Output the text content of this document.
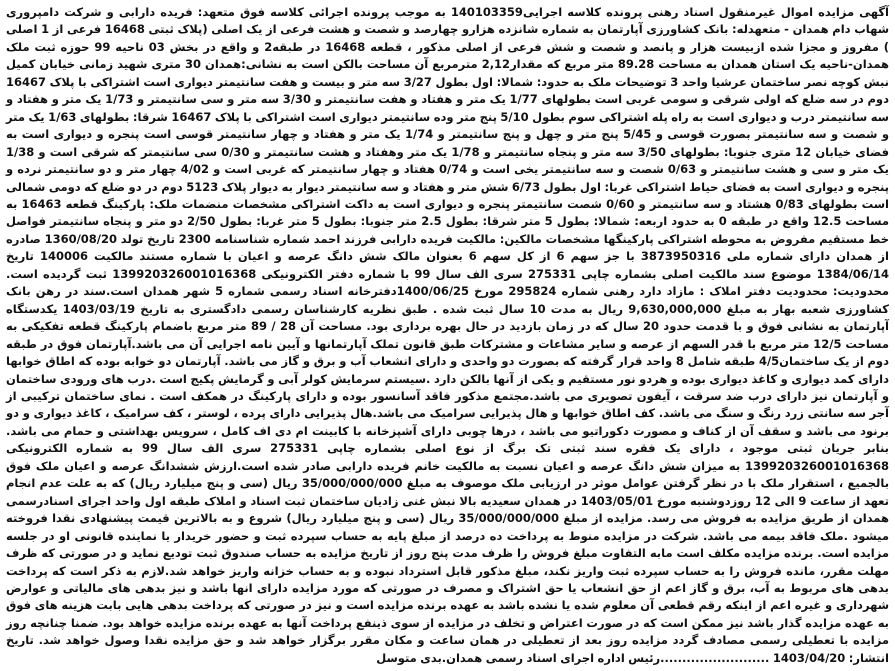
آگهی مزایده اموال غیرمنقول اسناد رهنی پرونده کلاسه اجرایی140103359 به موجب پرونده اجرائی کلاسه فوق متعهد: فریده دارابی و شرکت دامپروری شهاب دام همدان - متعهدله: بانک کشاورزی آپارتمان به شماره شانزده هزارو چهارصد و شصت و هشت فرعی از یک اصلی (پلاک ثبتی 16468 فرعی از 1 اصلی ) مفروز و مجزا شده ازبیست هزار و پانصد و شصت و شش فرعی از اصلی مذکور ، قطعه 16468 در طبقه2 و واقع در بخش 03 ناحیه 99 حوزه ثبت ملک همدان-ناحیه یک استان همدان به مساحت 89.28 متر مربع که مقدار2,12 مترمربع آن مساحت بالکن است به نشانی:همدان 30 متری شهید زمانی خیابان کمیل نبش کوچه نصر ساختمان عرشیا واحد 3 توضیحات ملک به حدود: شمالا: اول بطول 3/27 سه متر و بیست و هفت سانتیمتر دیواری است اشتراکی با پلاک 16467 دوم در سه ضلع که اولی شرقی و سومی غربی است بطولهای 1/77 یک متر و هفتاد و هفت سانتیمتر و 3/30 سه متر و سی سانتیمتر و 1/73 یک متر و هفتاد و سه سانتیمتر درب و دیواری است به راه پله اشتراکی سوم بطول 5/10 پنج متر وده سانتیمتر دیواری است اشتراکی با پلاک 16467 شرقا: بطولهای 1/63 یک متر و شصت و سه سانتیمتر بصورت قوسی و 5/45 پنج متر و چهل و پنج سانتیمتر و 1/74 یک متر و هفتاد و چهار سانتیمتر قوسی است پنجره و دیواری است به فضای خیابان 12 متری جنوبا: بطولهای 3/50 سه متر و پنجاه سانتیمتر و 1/78 یک متر وهفتاد و هشت سانتیمتر و 0/30 سی سانتیمتر که شرقی است و 1/38 یک متر و سی و هشت سانتیمتر و 0/63 شصت و سه سانتیمتر یخی است و 0/74 هفتاد و چهار سانتیمتر که غربی است و 4/02 چهار متر و دو سانتیمتر نرده و پنجره و دیواری است به فضای حیاط اشتراکی غربا: اول بطول 6/73 شش متر و هفتاد و سه سانتیمتر دیوار به دیوار پلاک 5123 دوم در دو ضلع که دومی شمالی است بطولهای 0/83 هشتاد و سه سانتیمتر و 0/60 شصت سانتیمتر پنجره و دیواری است به داکت اشتراکی مشخصات منضمات ملک: پارکینگ قطعه 16463 به مساحت 12.5 واقع در طبقه 0 به حدود اربعه: شمالا: بطول 5 متر شرقا: بطول 2.5 متر جنوبا: بطول 5 متر غربا: بطول 2/50 دو متر و پنجاه سانتیمتر فواصل خط مستقیم مفروض به محوطه اشتراکی پارکینگها مشخصات مالکین: مالکیت فریده دارابی فرزند احمد شماره شناسنامه 2300 تاریخ تولد 1360/08/20 صادره از همدان دارای شماره ملی 3873950316 با جز سهم 6 از کل سهم 6 بعنوان مالک شش دانگ عرصه و اعیان با شماره مستند مالکیت 140006 تاریخ 1384/06/14 موضوع سند مالکیت اصلی بشماره چاپی 275331 سری الف سال 99 با شماره دفتر الکترونیکی 139920326001016368 ثبت گردیده است. محدودیت: محدودیت دفتر املاک : مازاد دارد رهنی شماره 295824 مورخ 1400/06/25دفترخانه اسناد رسمی شماره 5 شهر همدان است.سند در رهن بانک کشاورزی شعبه بهار به مبلغ 9,630,000,000 ریال به مدت 10 سال ثبت شده . طبق نظریه کارشناسان رسمی دادگستری به تاریخ 1403/03/19 یکدستگاه آپارتمان به نشانی فوق و با قدمت حدود 20 سال که در زمان بازدید در حال بهره برداری بود. مساحت آن 28 / 89 متر مربع باضمام پارکینگ قطعه تفکیکی به مساحت 12/5 متر مربع با قدر السهم از عرصه و سایر مشاعات و مشترکات طبق قانون تملک آپارتمانها و آیین نامه اجرایی آن می باشد.آپارتمان فوق در طبقه دوم از یک ساختمان4/5 طبقه شامل 8 واحد قرار گرفته که بصورت دو واحدی و دارای انشعاب آب و برق و گاز می باشد. آپارتمان دو خوابه بوده که اطاق خوابها دارای کمد دیواری و کاغذ دیواری بوده و هردو نور مستقیم و یکی از آنها بالکن دارد .سیستم سرمایش کولر آبی و گرمایش پکیج است .درب های ورودی ساختمان و آپارتمان نیز دارای درب ضد سرقت ، آیفون تصویری می باشد.مجتمع مذکور فاقد آسانسور بوده و دارای پارکینگ در همکف است . نمای ساختمان ترکیبی از آجر سه سانتی زرد رنگ و سنگ می باشد. کف اطاق خوابها و هال پذیرایی سرامیک می باشد.هال پذیرایی دارای پرده ، لوستر ، کف سرامیک ، کاغذ دیواری و دو برنود می باشد و سقف آن از کناف و مصورت دکوراتیو می باشد ، درها چوبی دارای آشپزخانه با کابینت ام دی اف کامل ، سرویس بهداشتی و حمام می باشد. بنابر جریان ثبتی موجود ، دارای یک فقره سند ثبتی تک برگ از نوع اصلی بشماره چاپی 275331 سری الف سال 99 به شماره الکترونیکی 139920326001016368 به میزان شش دانگ عرصه و اعیان نسبت به مالکیت خانم فریده دارابی صادر شده است.ارزش ششدانگ عرصه و اعیان ملک فوق بالجمیع ، استقرار ملک با در نظر گرفتن عوامل موثر در ارزیابی ملک موصوف به مبلغ 35/000/000/000 ریال (سی و پنج میلیارد ریال) که به علت عدم انجام تعهد از ساعت 9 الی 12 روزدوشنبه مورخ 1403/05/01 در همدان سعیدیه بالا نبش غنی زادیان ساختمان ثبت اسناد و املاک طبقه اول واحد اجرای اسنادرسمی همدان از طریق مزایده به فروش می رسد. مزایده از مبلغ 35/000/000/000 ریال (سی و پنج میلیارد ریال) شروع و به بالاترین قیمت پیشنهادی نقدا فروخته میشود .ملک فاقد بیمه می باشد. شرکت در مزایده منوط به پرداخت ده درصد از مبلغ پایه به حساب سپرده ثبت و حضور خریدار یا نماینده قانونی او در جلسه مزایده است. برنده مزایده مکلف است مابه التفاوت مبلغ فروش را ظرف مدت پنج روز از تاریخ مزایده به حساب صندوق ثبت تودیع نماید و در صورتی که ظرف مهلت مقرر، مانده فروش را به حساب سپرده ثبت واریز نکند، مبلغ مذکور قابل استرداد نبوده و به حساب خزانه واریز خواهد شد.لازم به ذکر است که پرداخت بدهی های مربوط به آب، برق و گاز اعم از حق انشعاب یا حق اشتراک و مصرف در صورتی که مورد مزایده دارای انها باشد و نیز بدهی های مالیاتی و عوارض شهرداری و غیره اعم از اینکه رقم قطعی آن معلوم شده یا نشده باشد به عهده برنده مزایده است و نیز در صورتی که پرداخت بدهی هایی بابت هزینه های فوق به عهده مزایده گذار باشد نیز ممکن است که در صورت اعتراض و تخلف در مزایده از سوی ذینفع پرداخت آنها به عهده برنده مزایده خواهد بود. ضمنا چنانچه روز مزایده با تعطیلی رسمی مصادف گردد مزایده روز بعد از تعطیلی در همان ساعت و مکان مقرر برگزار خواهد شد و حق مزایده نقدا وصول خواهد شد. تاریخ انتشار: 1403/04/20 .........................رئیس اداره اجرای اسناد رسمی همدان.بدی متوسل
